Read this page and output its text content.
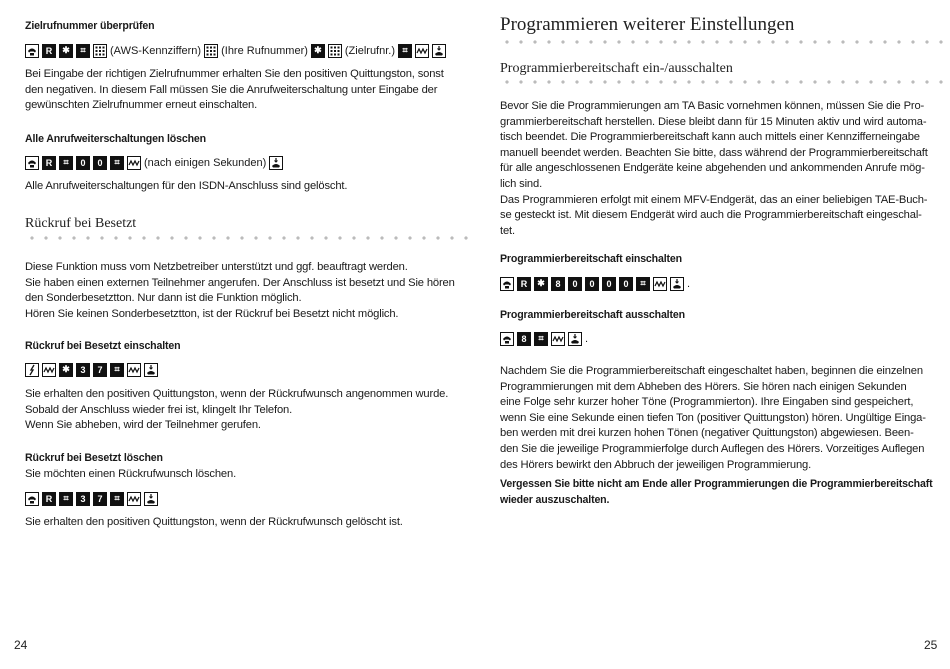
Zielrufnummer überprüfen
R	✱	⌗	(AWS-Kennziffern) (Ihre Rufnummer) ✱ (Zielrufnr.) ⌗
Bei Eingabe der richtigen Zielrufnummer erhalten Sie den positiven Quittungston, sonst
den negativen. In diesem Fall müssen Sie die Anrufweiterschaltung unter Eingabe der
gewünschten Zielrufnummer erneut einschalten.
Alle Anrufweiterschaltungen löschen
R	⌗	0	0	⌗	(nach einigen Sekunden)
Alle Anrufweiterschaltungen für den ISDN-Anschluss sind gelöscht.
Rückruf bei Besetzt
Diese Funktion muss vom Netzbetreiber unterstützt und ggf. beauftragt werden.
Sie haben einen externen Teilnehmer angerufen. Der Anschluss ist besetzt und Sie hören
den Sonderbesetztton. Nur dann ist die Funktion möglich.
Hören Sie keinen Sonderbesetztton, ist der Rückruf bei Besetzt nicht möglich.
Rückruf bei Besetzt einschalten
✱	3	7	⌗
Sie erhalten den positiven Quittungston, wenn der Rückrufwunsch angenommen wurde.
Sobald der Anschluss wieder frei ist, klingelt Ihr Telefon.
Wenn Sie abheben, wird der Teilnehmer gerufen.
Rückruf bei Besetzt löschen
Sie möchten einen Rückrufwunsch löschen.
R	⌗	3	7	⌗
Sie erhalten den positiven Quittungston, wenn der Rückrufwunsch gelöscht ist.
24
Programmieren weiterer Einstellungen
Programmierbereitschaft ein-/ausschalten
Bevor Sie die Programmierungen am TA Basic vornehmen können, müssen Sie die Pro-
grammierbereitschaft herstellen. Diese bleibt dann für 15 Minuten aktiv und wird automa-
tisch beendet. Die Programmierbereitschaft kann auch mittels einer Kennzifferneingabe
manuell beendet werden. Beachten Sie bitte, dass während der Programmierbereitschaft
für alle angeschlossenen Endgeräte keine abgehenden und ankommenden Anrufe mög-
lich sind.
Das Programmieren erfolgt mit einem MFV-Endgerät, das an einer beliebigen TAE-Buch-
se gesteckt ist. Mit diesem Endgerät wird auch die Programmierbereitschaft eingeschal-
tet.
Programmierbereitschaft einschalten
R	✱	8	0	0	0	0	⌗	.
Programmierbereitschaft ausschalten
8	⌗	.
Nachdem Sie die Programmierbereitschaft eingeschaltet haben, beginnen die einzelnen
Programmierungen mit dem Abheben des Hörers. Sie hören nach einigen Sekunden
eine Folge sehr kurzer hoher Töne (Programmierton). Ihre Eingaben sind gespeichert,
wenn Sie eine Sekunde einen tiefen Ton (positiver Quittungston) hören. Ungültige Einga-
ben werden mit drei kurzen hohen Tönen (negativer Quittungston) abgewiesen. Been-
den Sie die jeweilige Programmierfolge durch Auflegen des Hörers. Vorzeitiges Auflegen
des Hörers bewirkt den Abbruch der jeweiligen Programmierung.
Vergessen Sie bitte nicht am Ende aller Programmierungen die Programmierbereitschaft
wieder auszuschalten.
25
